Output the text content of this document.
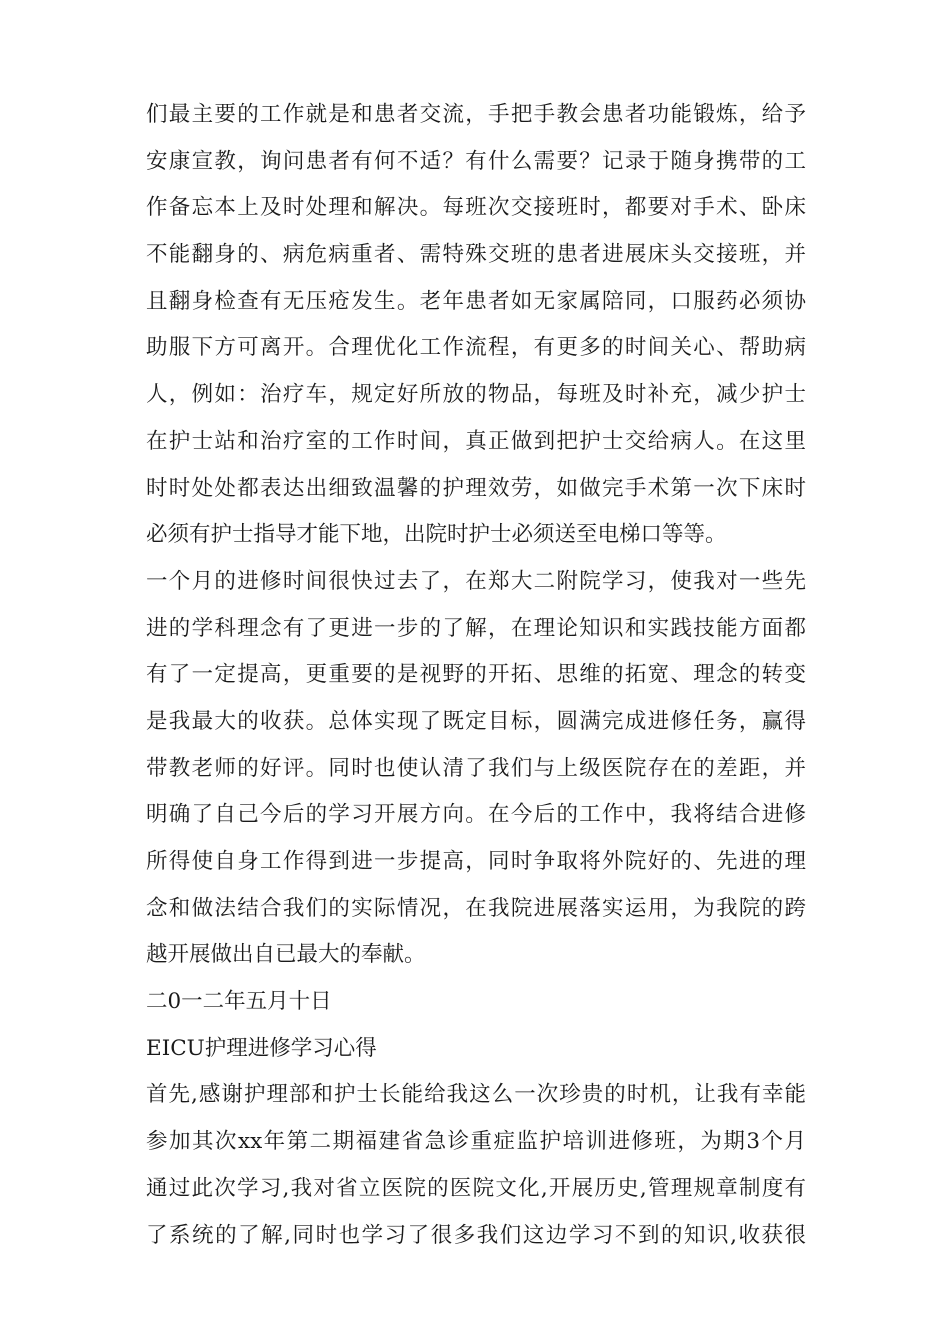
们最主要的工作就是和患者交流，手把手教会患者功能锻炼，给予
安康宣教，询问患者有何不适？有什么需要？记录于随身携带的工
作备忘本上及时处理和解决。每班次交接班时，都要对手术、卧床
不能翻身的、病危病重者、需特殊交班的患者进展床头交接班，并
且翻身检查有无压疮发生。老年患者如无家属陪同，口服药必须协
助服下方可离开。合理优化工作流程，有更多的时间关心、帮助病
人，例如：治疗车，规定好所放的物品，每班及时补充，减少护士
在护士站和治疗室的工作时间，真正做到把护士交给病人。在这里
时时处处都表达出细致温馨的护理效劳，如做完手术第一次下床时
必须有护士指导才能下地，出院时护士必须送至电梯口等等。
一个月的进修时间很快过去了，在郑大二附院学习，使我对一些先
进的学科理念有了更进一步的了解，在理论知识和实践技能方面都
有了一定提高，更重要的是视野的开拓、思维的拓宽、理念的转变
是我最大的收获。总体实现了既定目标，圆满完成进修任务，赢得
带教老师的好评。同时也使认清了我们与上级医院存在的差距，并
明确了自己今后的学习开展方向。在今后的工作中，我将结合进修
所得使自身工作得到进一步提高，同时争取将外院好的、先进的理
念和做法结合我们的实际情况，在我院进展落实运用，为我院的跨
越开展做出自已最大的奉献。
二0一二年五月十日
EICU护理进修学习心得
首先,感谢护理部和护士长能给我这么一次珍贵的时机，让我有幸能
参加其次xx年第二期福建省急诊重症监护培训进修班，为期3个月
通过此次学习,我对省立医院的医院文化,开展历史,管理规章制度有
了系统的了解,同时也学习了很多我们这边学习不到的知识,收获很
